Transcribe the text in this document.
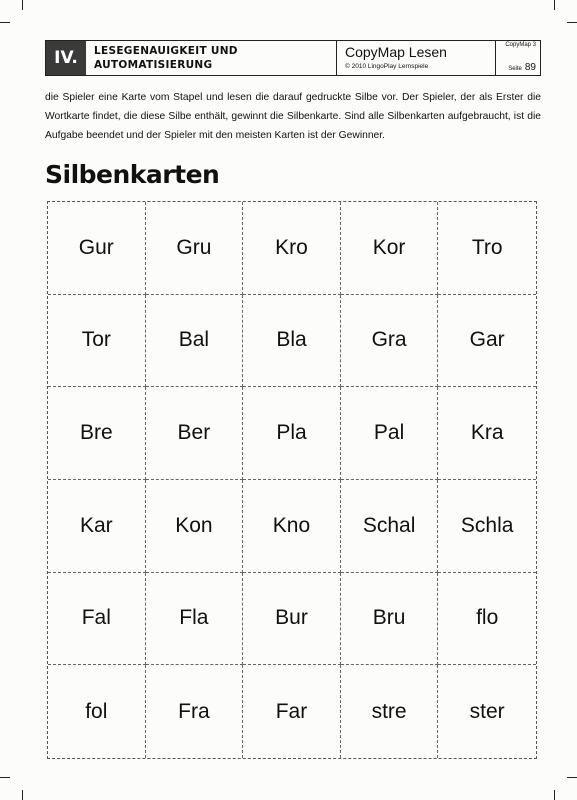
IV.	LESEGENAUIGKEIT UND
AUTOMATISIERUNG
CopyMap Lesen
© 2010 LingoPlay Lernspiele
CopyMap 3
Seite 89

die Spieler eine Karte vom Stapel und lesen die darauf gedruckte Silbe vor. Der Spieler, der als Erster die Wortkarte findet, die diese Silbe enthält, gewinnt die Silbenkarte. Sind alle Silbenkarten aufgebraucht, ist die Aufgabe beendet und der Spieler mit den meisten Karten ist der Gewinner.

Silbenkarten
Gur	Gru	Kro	Kor	Tro
Tor	Bal	Bla	Gra	Gar
Bre	Ber	Pla	Pal	Kra
Kar	Kon	Kno	Schal	Schla
Fal	Fla	Bur	Bru	flo
fol	Fra	Far	stre	ster
